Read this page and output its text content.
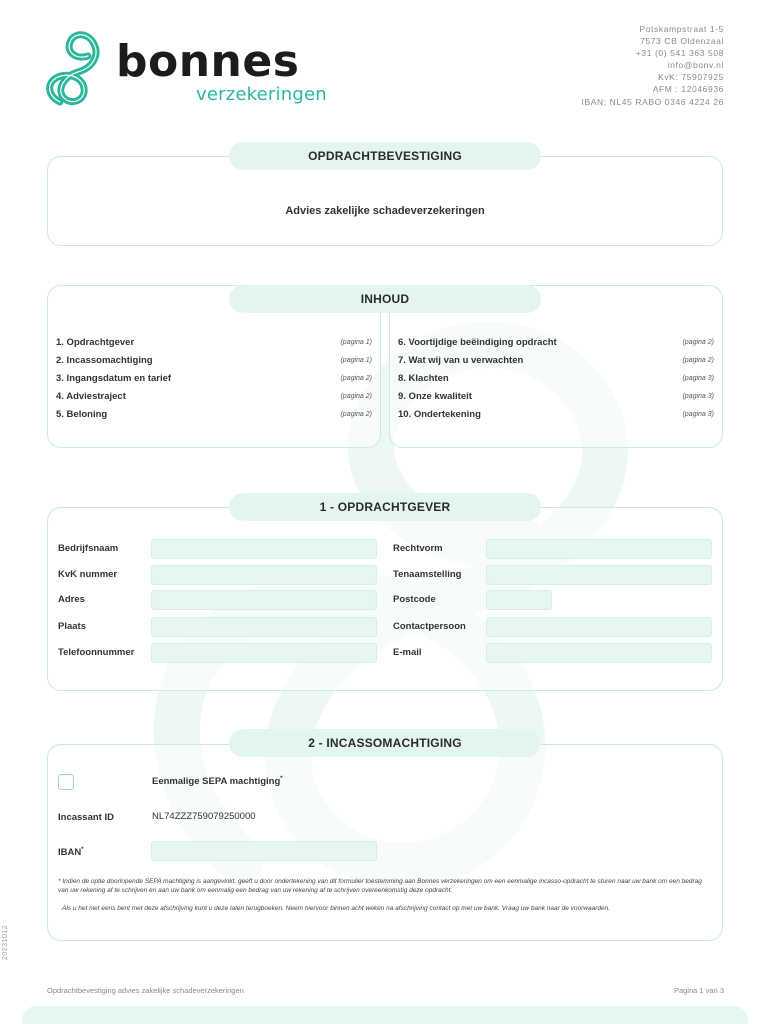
bonnes
verzekeringen
Potskampstraat 1-5
7573 CB Oldenzaal
+31 (0) 541 363 508
info@bonv.nl
KvK: 75907925
AFM : 12046936
IBAN: NL45 RABO 0346 4224 26
Advies zakelijke schadeverzekeringen
OPDRACHTBEVESTIGING
1. Opdrachtgever	(pagina 1)
2. Incassomachtiging	(pagina 1)
3. Ingangsdatum en tarief	(pagina 2)
4. Adviestraject	(pagina 2)
5. Beloning	(pagina 2)
6. Voortijdige beëindiging opdracht	(pagina 2)
7. Wat wij van u verwachten	(pagina 2)
8. Klachten	(pagina 3)
9. Onze kwaliteit	(pagina 3)
10. Ondertekening	(pagina 3)
INHOUD
Bedrijfsnaam	Rechtvorm
KvK nummer	Tenaamstelling
Adres	Postcode
Plaats	Contactpersoon
Telefoonnummer	E-mail
1 - OPDRACHTGEVER
Eenmalige SEPA machtiging*
Incassant ID	NL74ZZZ759079250000
IBAN*
* Indien de optie doorlopende SEPA machtiging is aangevinkt, geeft u door ondertekening van dit formulier toestemming aan Bonnes verzekeringen om een eenmalige incasso-opdracht te sturen naar uw bank om een bedrag van uw rekening af te schrijven en aan uw bank om eenmalig een bedrag van uw rekening af te schrijven overeenkomstig deze opdracht.
Als u het niet eens bent met deze afschrijving kunt u deze laten terugboeken. Neem hiervoor binnen acht weken na afschrijving contact op met uw bank. Vraag uw bank naar de voorwaarden.
2 - INCASSOMACHTIGING
20231012
Opdrachtbevestiging advies zakelijke schadeverzekeringen	Pagina 1 van 3
